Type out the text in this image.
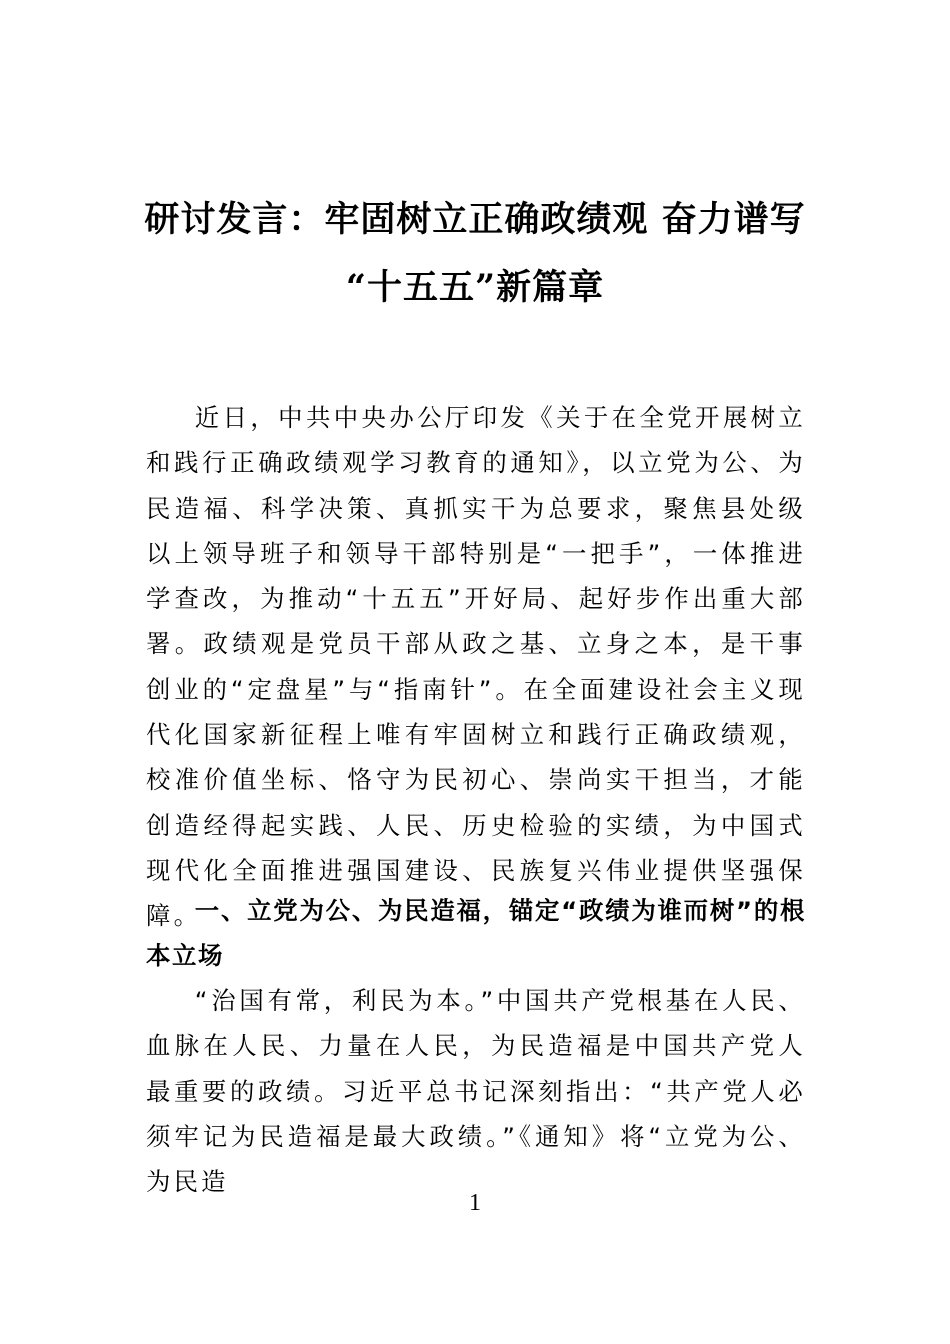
研讨发言：牢固树立正确政绩观 奋力谱写
“十五五”新篇章

近日，中共中央办公厅印发《关于在全党开展树立和践行正确政绩观学习教育的通知》，以立党为公、为民造福、科学决策、真抓实干为总要求，聚焦县处级以上领导班子和领导干部特别是“一把手”，一体推进学查改，为推动“十五五”开好局、起好步作出重大部署。政绩观是党员干部从政之基、立身之本，是干事创业的“定盘星”与“指南针”。在全面建设社会主义现代化国家新征程上唯有牢固树立和践行正确政绩观，校准价值坐标、恪守为民初心、崇尚实干担当，才能创造经得起实践、人民、历史检验的实绩，为中国式现代化全面推进强国建设、民族复兴伟业提供坚强保障。

一、立党为公、为民造福，锚定“政绩为谁而树”的根本立场

“治国有常，利民为本。”中国共产党根基在人民、血脉在人民、力量在人民，为民造福是中国共产党人最重要的政绩。习近平总书记深刻指出：“共产党人必须牢记为民造福是最大政绩。”《通知》将“立党为公、为民造

1
